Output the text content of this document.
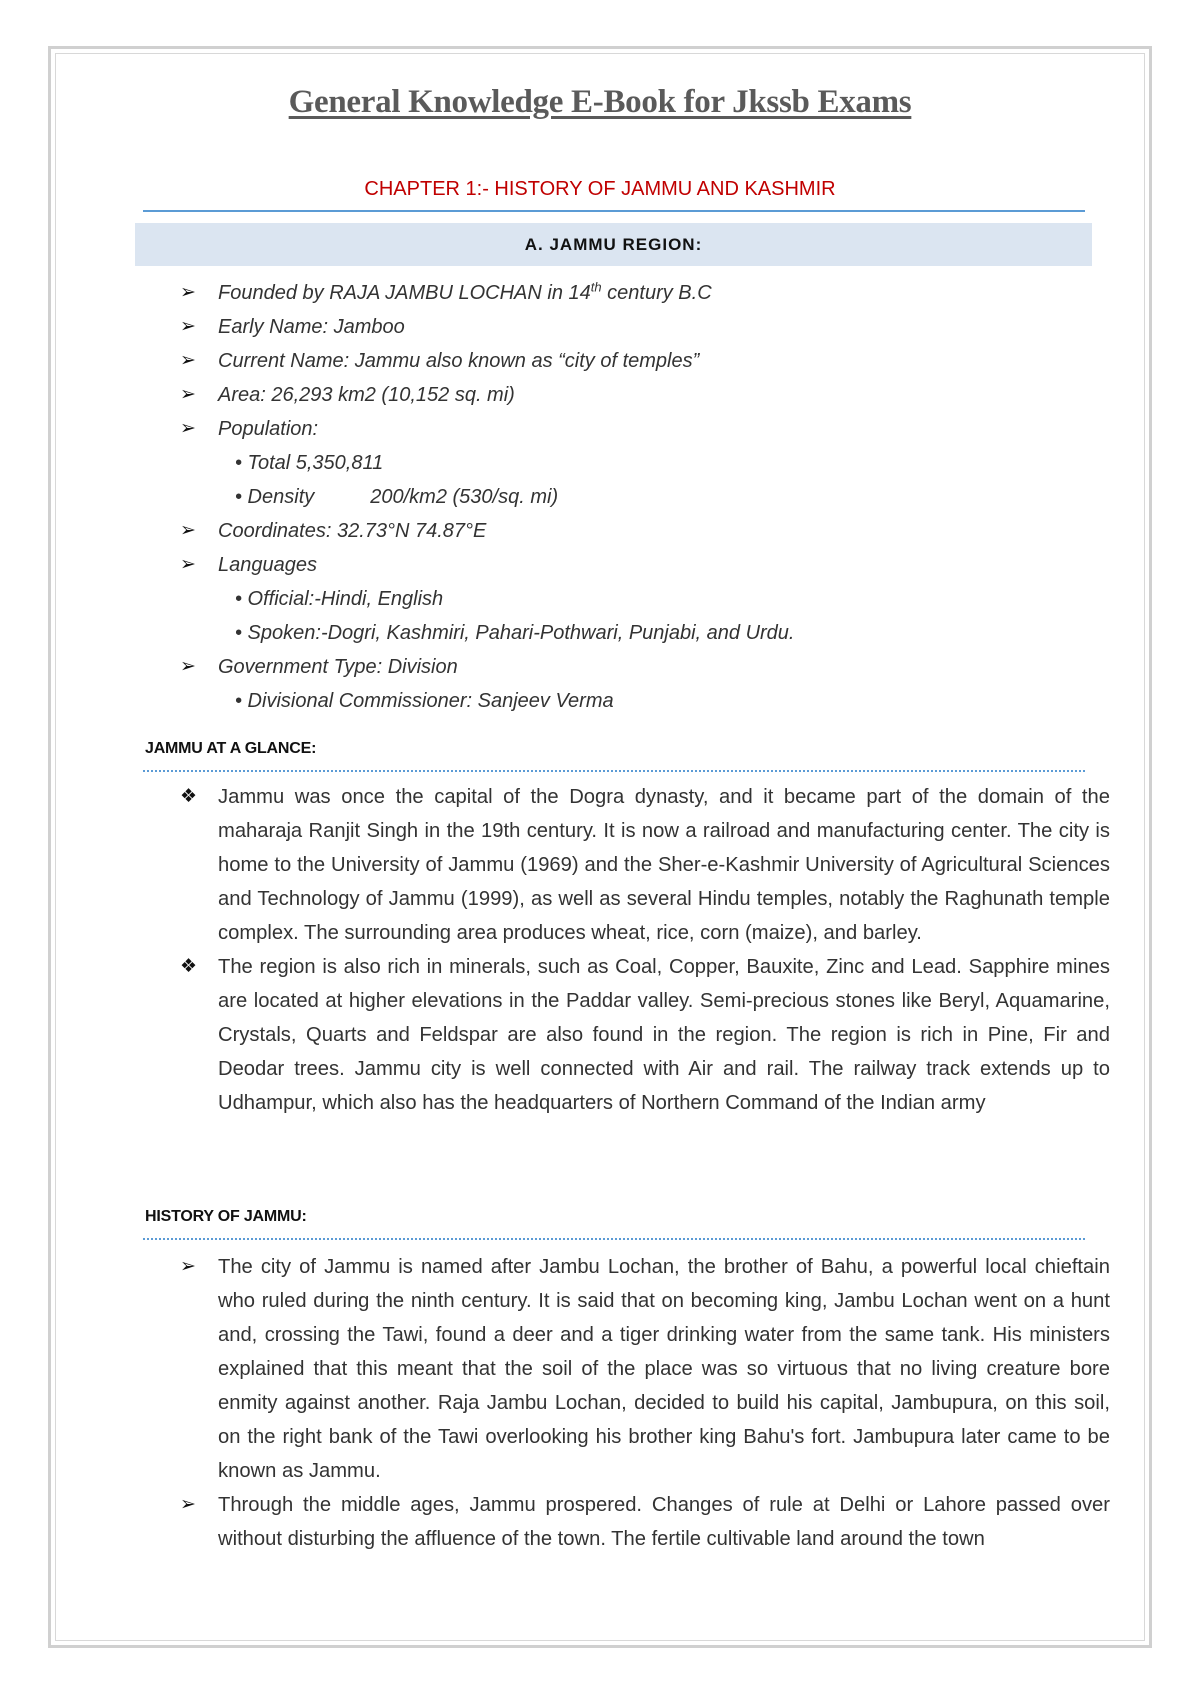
General Knowledge E-Book for Jkssb Exams
CHAPTER 1:- HISTORY OF JAMMU AND KASHMIR
A. JAMMU REGION:
➢ Founded by RAJA JAMBU LOCHAN in 14th century B.C
➢ Early Name: Jamboo
➢ Current Name: Jammu also known as “city of temples”
➢ Area: 26,293 km2 (10,152 sq. mi)
➢ Population:
• Total 5,350,811
• Density	200/km2 (530/sq. mi)
➢ Coordinates: 32.73°N 74.87°E
➢ Languages
• Official:-Hindi, English
• Spoken:-Dogri, Kashmiri, Pahari-Pothwari, Punjabi, and Urdu.
➢ Government Type: Division
• Divisional Commissioner: Sanjeev Verma
JAMMU AT A GLANCE:
❖ Jammu was once the capital of the Dogra dynasty, and it became part of the domain of the maharaja Ranjit Singh in the 19th century. It is now a railroad and manufacturing center. The city is home to the University of Jammu (1969) and the Sher-e-Kashmir University of Agricultural Sciences and Technology of Jammu (1999), as well as several Hindu temples, notably the Raghunath temple complex. The surrounding area produces wheat, rice, corn (maize), and barley.
❖ The region is also rich in minerals, such as Coal, Copper, Bauxite, Zinc and Lead. Sapphire mines are located at higher elevations in the Paddar valley. Semi-precious stones like Beryl, Aquamarine, Crystals, Quarts and Feldspar are also found in the region. The region is rich in Pine, Fir and Deodar trees. Jammu city is well connected with Air and rail. The railway track extends up to Udhampur, which also has the headquarters of Northern Command of the Indian army
HISTORY OF JAMMU:
➢ The city of Jammu is named after Jambu Lochan, the brother of Bahu, a powerful local chieftain who ruled during the ninth century. It is said that on becoming king, Jambu Lochan went on a hunt and, crossing the Tawi, found a deer and a tiger drinking water from the same tank. His ministers explained that this meant that the soil of the place was so virtuous that no living creature bore enmity against another. Raja Jambu Lochan, decided to build his capital, Jambupura, on this soil, on the right bank of the Tawi overlooking his brother king Bahu's fort. Jambupura later came to be known as Jammu.
➢ Through the middle ages, Jammu prospered. Changes of rule at Delhi or Lahore passed over without disturbing the affluence of the town. The fertile cultivable land around the town
